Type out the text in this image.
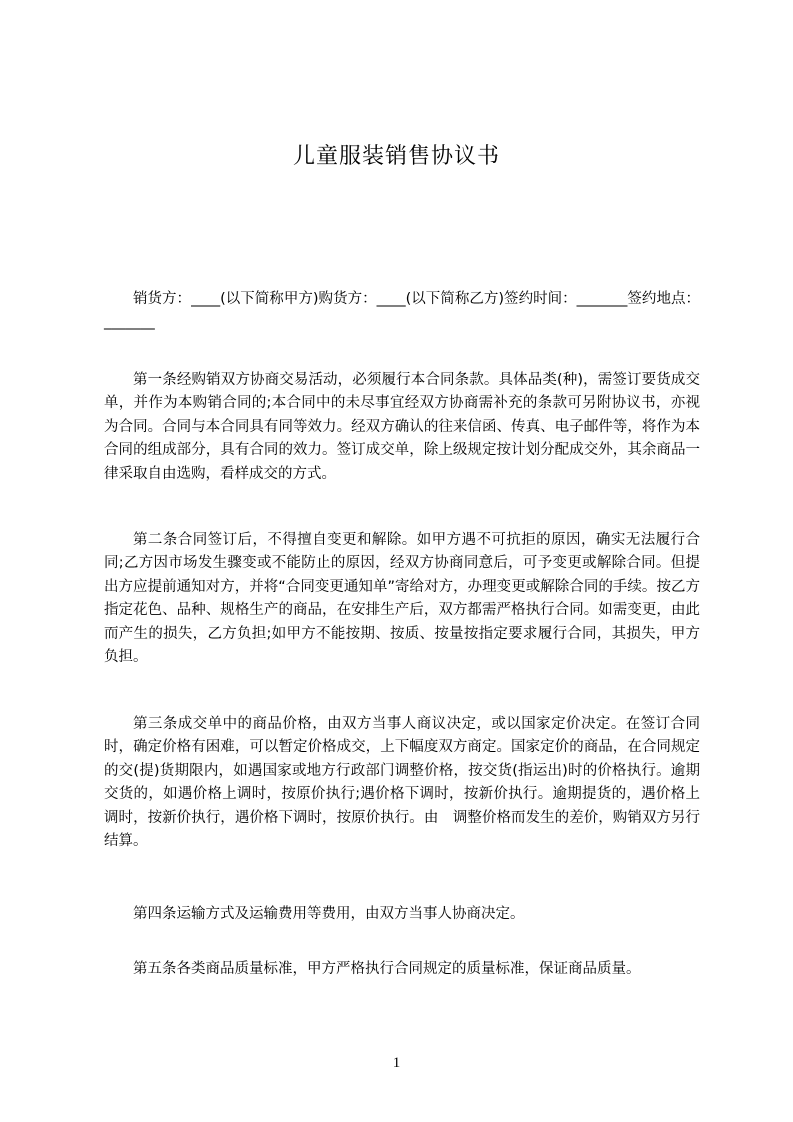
儿童服装销售协议书

销货方：____(以下简称甲方)购货方：____(以下简称乙方)签约时间：_______签约地点：_______

第一条经购销双方协商交易活动，必须履行本合同条款。具体品类(种)，需签订要货成交单，并作为本购销合同的;本合同中的未尽事宜经双方协商需补充的条款可另附协议书，亦视为合同。合同与本合同具有同等效力。经双方确认的往来信函、传真、电子邮件等，将作为本合同的组成部分，具有合同的效力。签订成交单，除上级规定按计划分配成交外，其余商品一律采取自由选购，看样成交的方式。

第二条合同签订后，不得擅自变更和解除。如甲方遇不可抗拒的原因，确实无法履行合同;乙方因市场发生骤变或不能防止的原因，经双方协商同意后，可予变更或解除合同。但提出方应提前通知对方，并将“合同变更通知单”寄给对方，办理变更或解除合同的手续。按乙方指定花色、品种、规格生产的商品，在安排生产后，双方都需严格执行合同。如需变更，由此而产生的损失，乙方负担;如甲方不能按期、按质、按量按指定要求履行合同，其损失，甲方负担。

第三条成交单中的商品价格，由双方当事人商议决定，或以国家定价决定。在签订合同时，确定价格有困难，可以暂定价格成交，上下幅度双方商定。国家定价的商品，在合同规定的交(提)货期限内，如遇国家或地方行政部门调整价格，按交货(指运出)时的价格执行。逾期交货的，如遇价格上调时，按原价执行;遇价格下调时，按新价执行。逾期提货的，遇价格上调时，按新价执行，遇价格下调时，按原价执行。由　调整价格而发生的差价，购销双方另行结算。

第四条运输方式及运输费用等费用，由双方当事人协商决定。

第五条各类商品质量标准，甲方严格执行合同规定的质量标准，保证商品质量。

1
